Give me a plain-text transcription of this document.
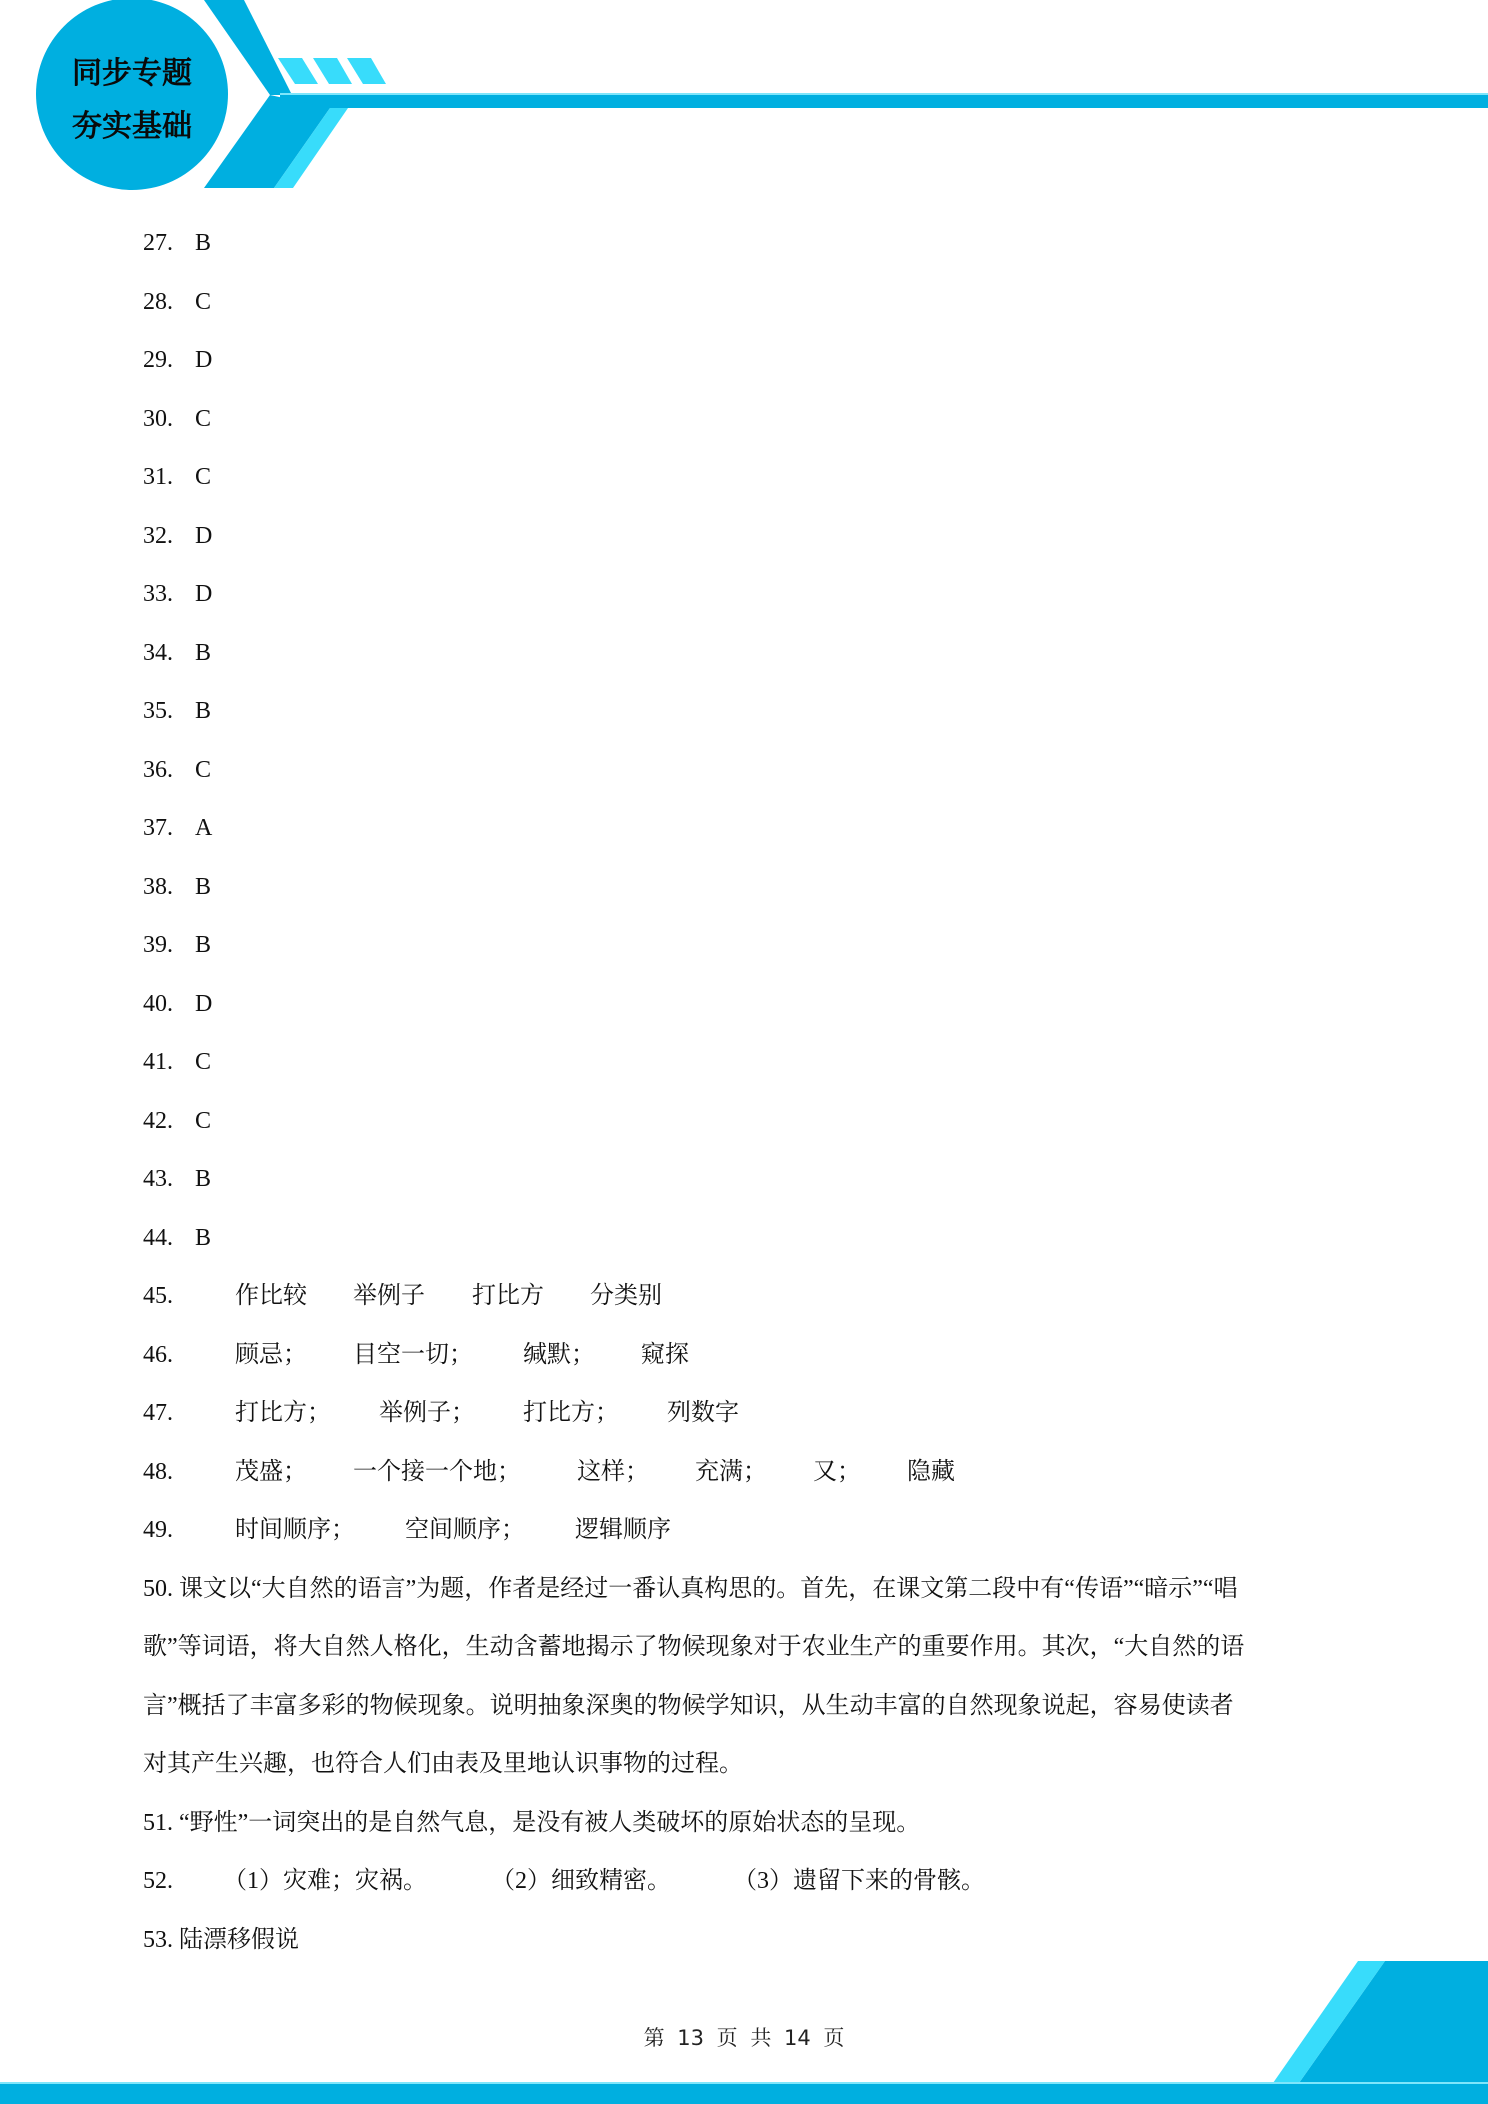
同步专题
夯实基础
27. B
28. C
29. D
30. C
31. C
32. D
33. D
34. B
35. B
36. C
37. A
38. B
39. B
40. D
41. C
42. C
43. B
44. B
45.	作比较 举例子 打比方 分类别
46.	顾忌； 目空一切； 缄默； 窥探
47.	打比方； 举例子； 打比方； 列数字
48.	茂盛； 一个接一个地； 这样； 充满； 又； 隐藏
49.	时间顺序； 空间顺序； 逻辑顺序
50. 课文以“大自然的语言”为题，作者是经过一番认真构思的。首先，在课文第二段中有“传语”“暗示”“唱
歌”等词语，将大自然人格化，生动含蓄地揭示了物候现象对于农业生产的重要作用。其次，“大自然的语
言”概括了丰富多彩的物候现象。说明抽象深奥的物候学知识，从生动丰富的自然现象说起，容易使读者
对其产生兴趣，也符合人们由表及里地认识事物的过程。
51. “野性”一词突出的是自然气息，是没有被人类破坏的原始状态的呈现。
52. （1）灾难；灾祸。	（2）细致精密。	（3）遗留下来的骨骸。
53. 陆漂移假说
第 13 页 共 14 页
